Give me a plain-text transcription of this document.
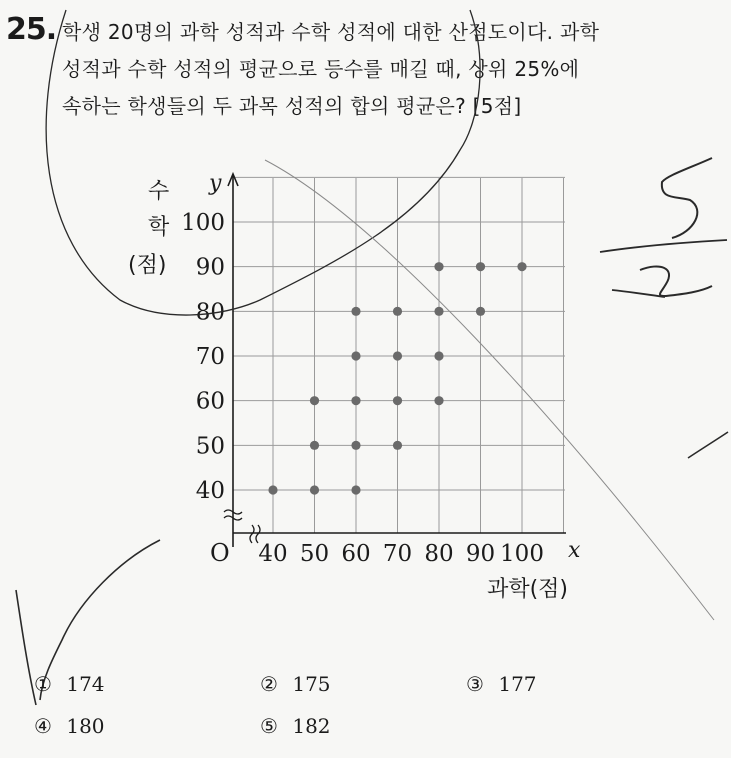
25. 학생 20명의 과학 성적과 수학 성적에 대한 산점도이다. 과학
성적과 수학 성적의 평균으로 등수를 매길 때, 상위 25%에
속하는 학생들의 두 과목 성적의 합의 평균은? [5점]
40
50
60
70
80
90
100
40 50 60 70 80 90 100
O	x
y
과학(점)
수
학
(점)
① 174	② 175	③ 177
④ 180	⑤ 182
